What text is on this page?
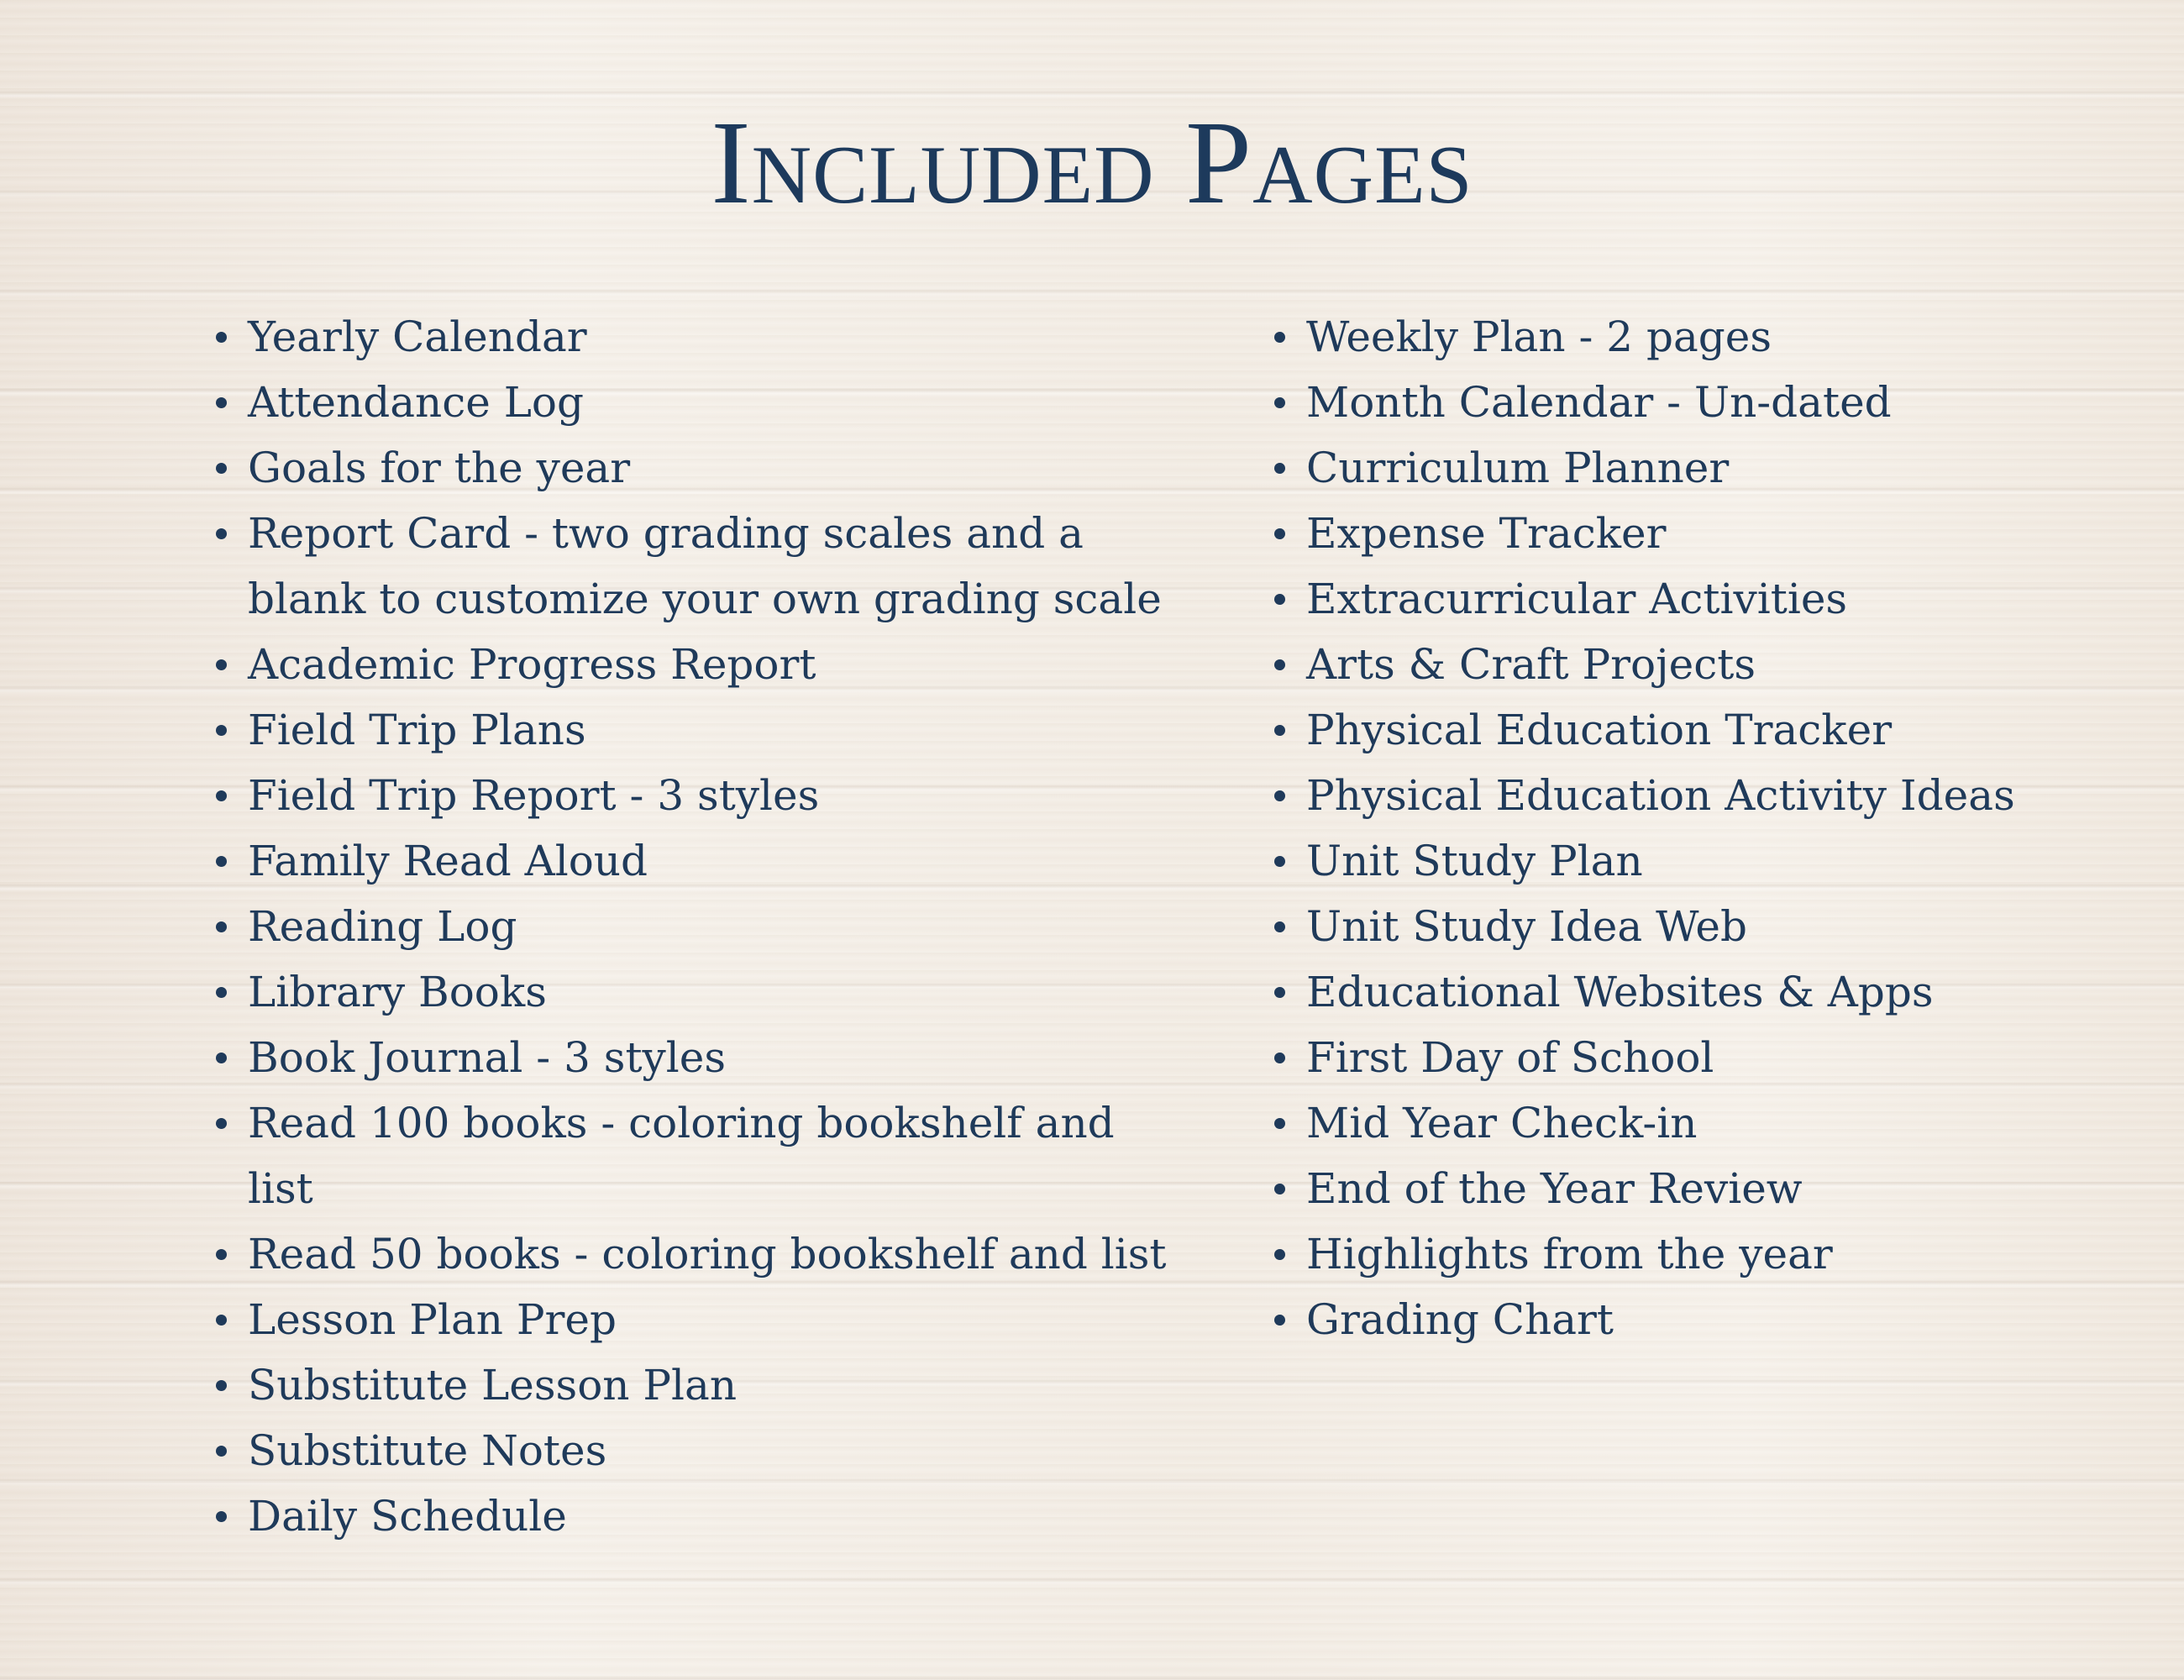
Included Pages
Yearly Calendar
Attendance Log
Goals for the year
Report Card - two grading scales and a blank to customize your own grading scale
Academic Progress Report
Field Trip Plans
Field Trip Report - 3 styles
Family Read Aloud
Reading Log
Library Books
Book Journal - 3 styles
Read 100 books - coloring bookshelf and list
Read 50 books - coloring bookshelf and list
Lesson Plan Prep
Substitute Lesson Plan
Substitute Notes
Daily Schedule
Weekly Plan - 2 pages
Month Calendar - Un-dated
Curriculum Planner
Expense Tracker
Extracurricular Activities
Arts & Craft Projects
Physical Education Tracker
Physical Education Activity Ideas
Unit Study Plan
Unit Study Idea Web
Educational Websites & Apps
First Day of School
Mid Year Check-in
End of the Year Review
Highlights from the year
Grading Chart
